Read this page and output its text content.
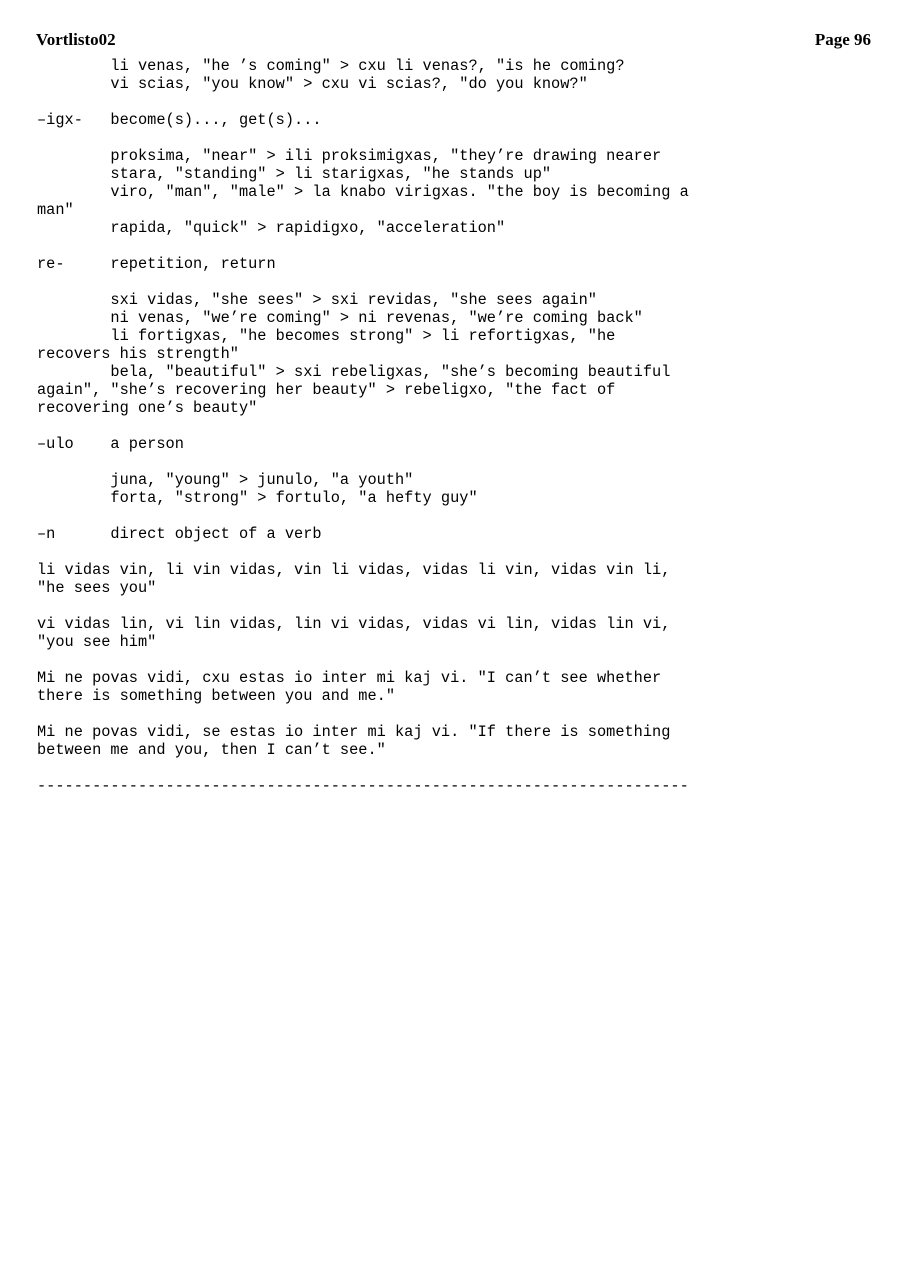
Vortlisto02	Page 96
li venas, "he ’s coming" > cxu li venas?, "is he coming?
vi scias, "you know" > cxu vi scias?, "do you know?"
–igx-   become(s)..., get(s)...
proksima, "near" > ili proksimigxas, "they’re drawing nearer
stara, "standing" > li starigxas, "he stands up"
viro, "man", "male" > la knabo virigxas. "the boy is becoming a
man"
rapida, "quick" > rapidigxo, "acceleration"
re-     repetition, return
sxi vidas, "she sees" > sxi revidas, "she sees again"
ni venas, "we’re coming" > ni revenas, "we’re coming back"
li fortigxas, "he becomes strong" > li refortigxas, "he
recovers his strength"
bela, "beautiful" > sxi rebeligxas, "she’s becoming beautiful
again", "she’s recovering her beauty" > rebeligxo, "the fact of
recovering one’s beauty"
–ulo    a person
juna, "young" > junulo, "a youth"
forta, "strong" > fortulo, "a hefty guy"
–n      direct object of a verb
li vidas vin, li vin vidas, vin li vidas, vidas li vin, vidas vin li,
"he sees you"
vi vidas lin, vi lin vidas, lin vi vidas, vidas vi lin, vidas lin vi,
"you see him"
Mi ne povas vidi, cxu estas io inter mi kaj vi. "I can’t see whether
there is something between you and me."
Mi ne povas vidi, se estas io inter mi kaj vi. "If there is something
between me and you, then I can’t see."
-----------------------------------------------------------------------
